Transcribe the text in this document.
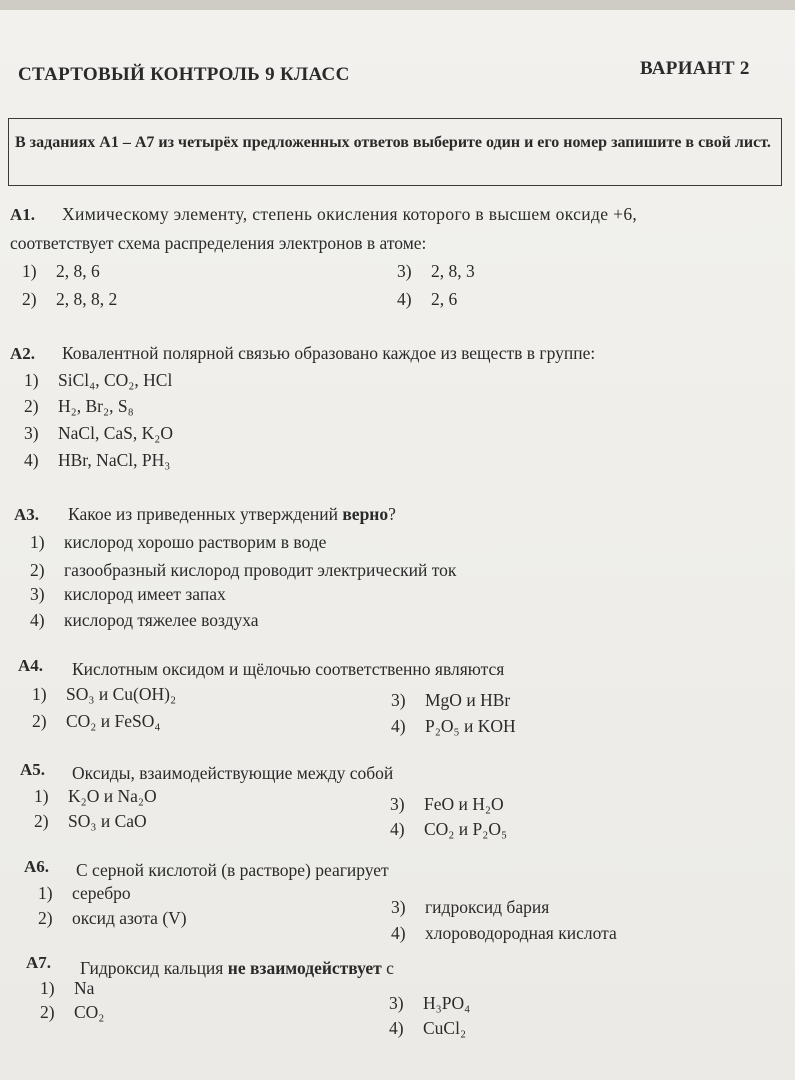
СТАРТОВЫЙ КОНТРОЛЬ 9 КЛАСС	ВАРИАНТ 2
В заданиях А1 – А7 из четырёх предложенных ответов выберите один и его номер запишите в свой лист.
А1. Химическому элементу, степень окисления которого в высшем оксиде +6,
соответствует схема распределения электронов в атоме:
1) 2, 8, 6
2) 2, 8, 8, 2
3) 2, 8, 3
4) 2, 6
А2. Ковалентной полярной связью образовано каждое из веществ в группе:
1) SiCl₄, CO₂, HCl
2) H₂, Br₂, S₈
3) NaCl, CaS, K₂O
4) HBr, NaCl, PH₃
А3. Какое из приведенных утверждений верно?
1) кислород хорошо растворим в воде
2) газообразный кислород проводит электрический ток
3) кислород имеет запах
4) кислород тяжелее воздуха
А4. Кислотным оксидом и щёлочью соответственно являются
1) SO₃ и Cu(OH)₂
2) CO₂ и FeSO₄
3) MgO и HBr
4) P₂O₅ и KOH
А5. Оксиды, взаимодействующие между собой
1) K₂O и Na₂O
2) SO₃ и CaO
3) FeO и H₂O
4) CO₂ и P₂O₅
А6. С серной кислотой (в растворе) реагирует
1) серебро
2) оксид азота (V)
3) гидроксид бария
4) хлороводородная кислота
А7. Гидроксид кальция не взаимодействует с
1) Na
2) CO₂	3) H₃PO₄
4) CuCl₂
